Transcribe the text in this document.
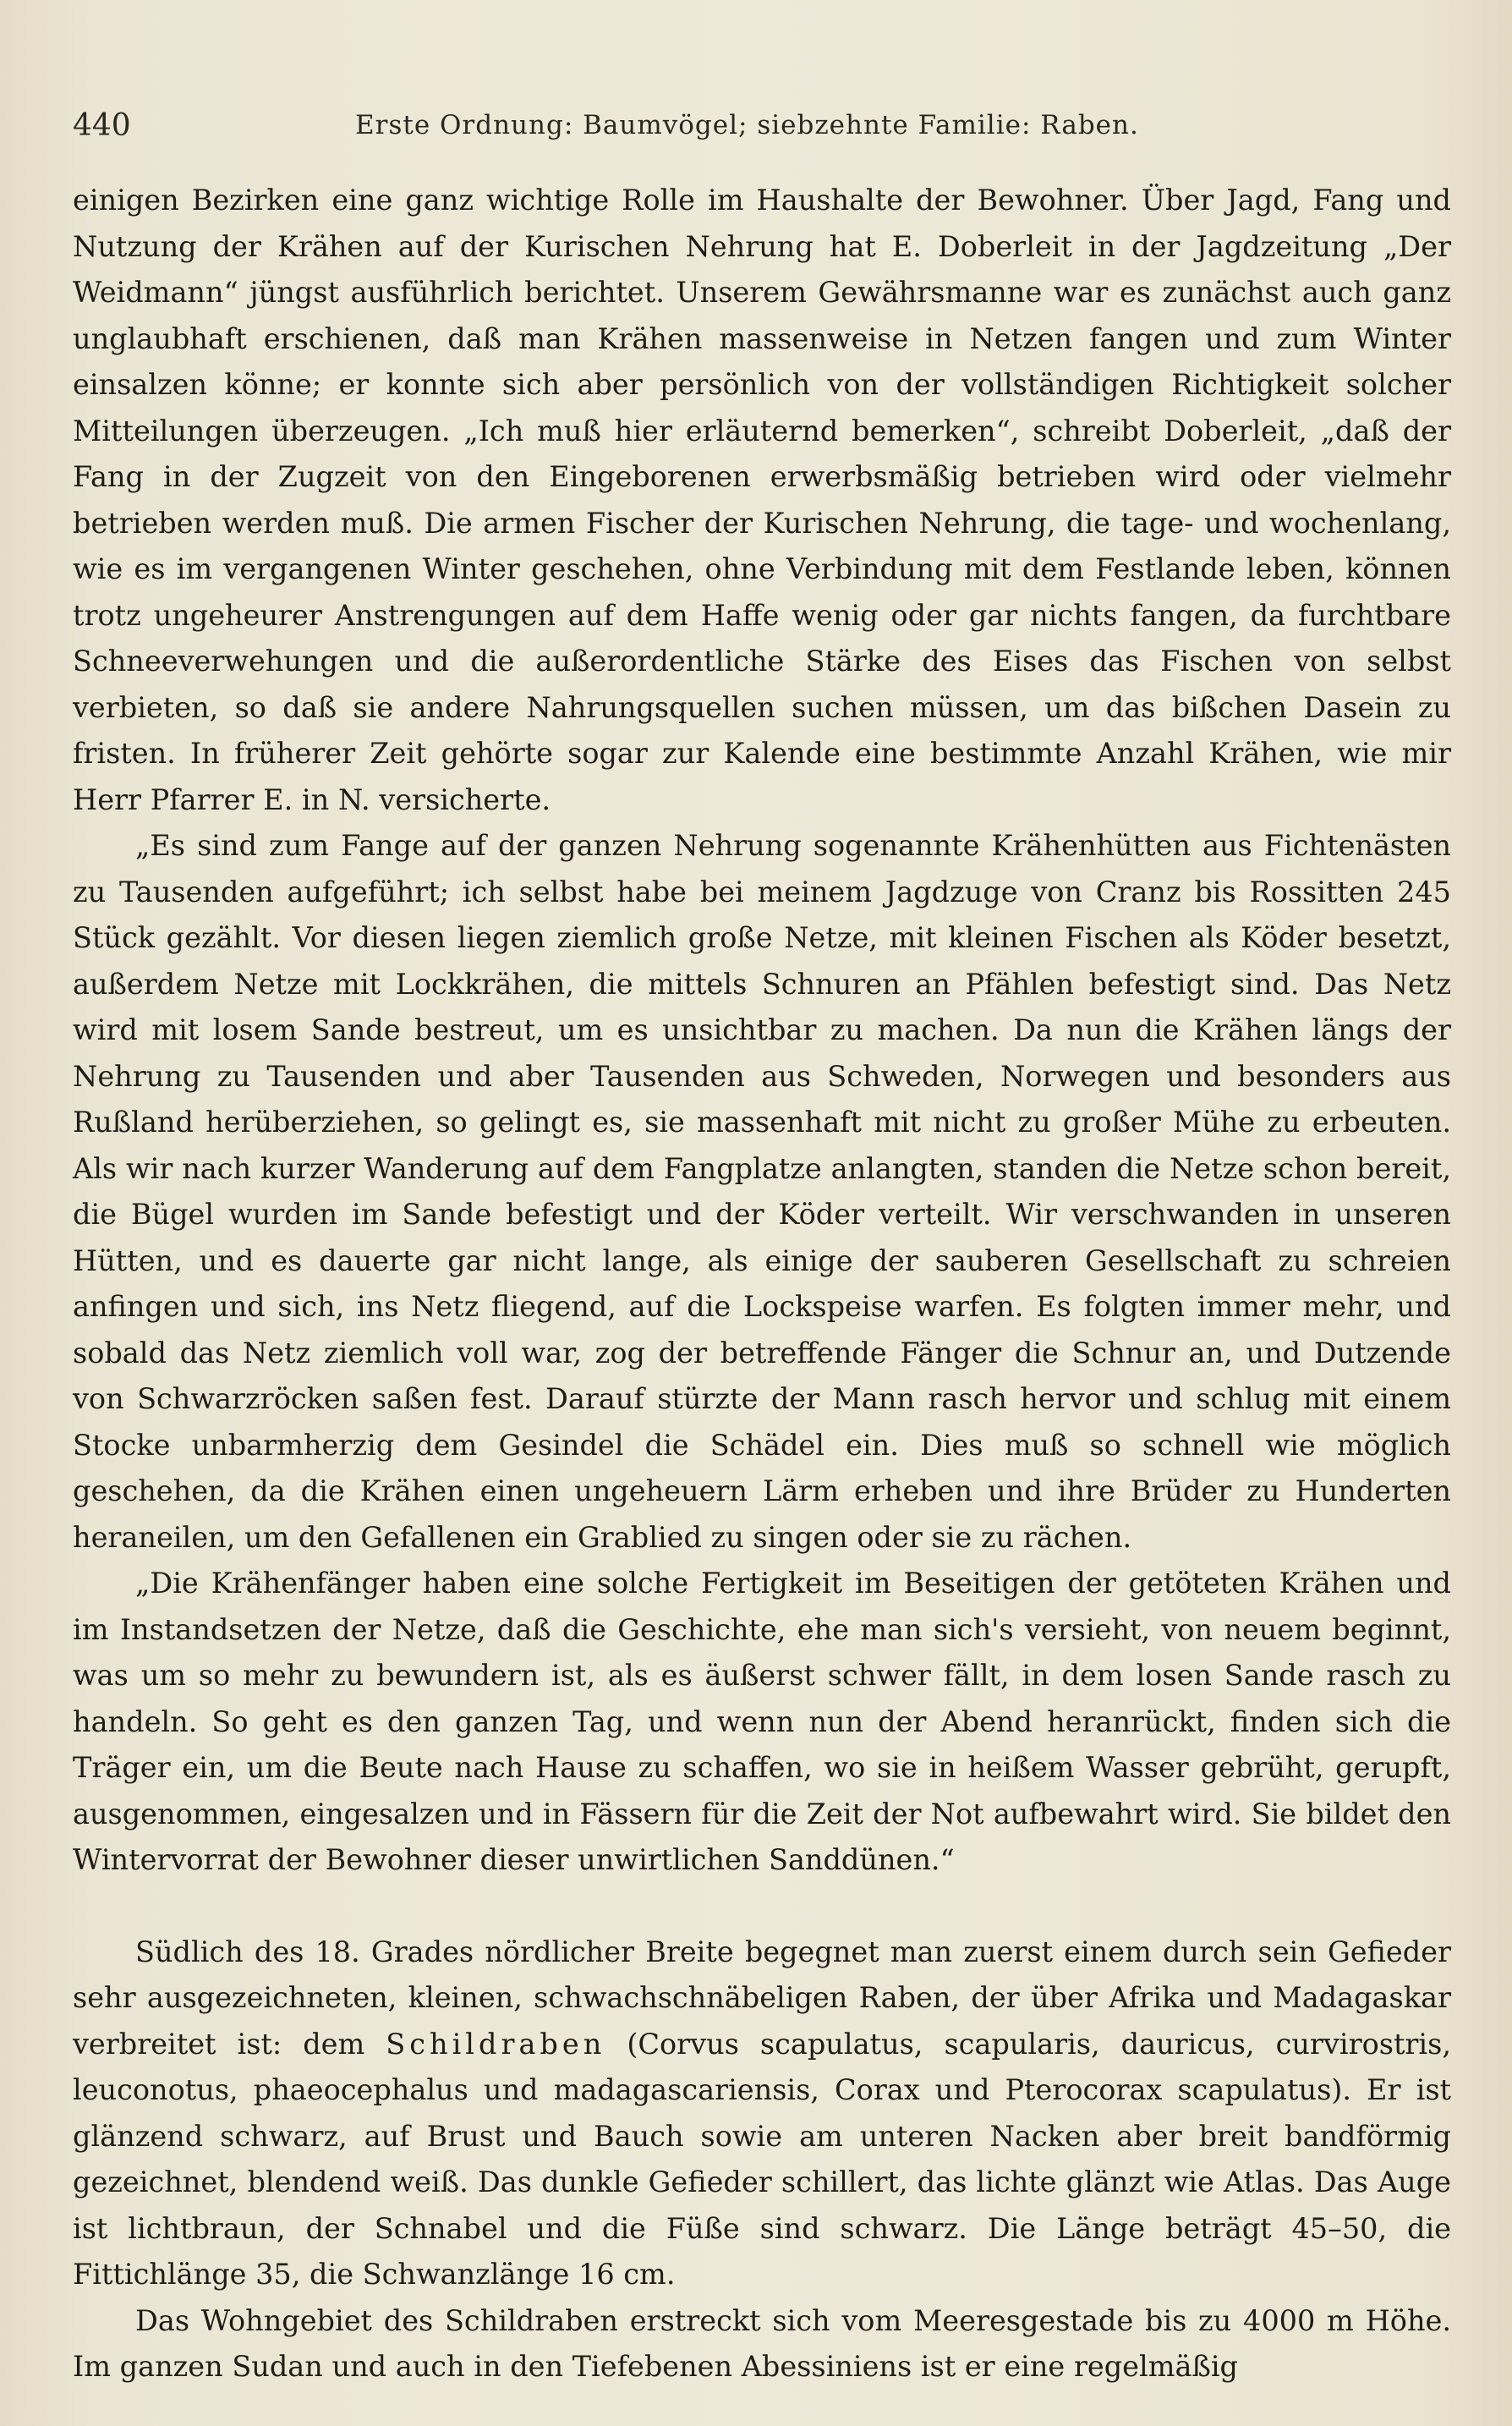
440	Erste Ordnung: Baumvögel; siebzehnte Familie: Raben.

einigen Bezirken eine ganz wichtige Rolle im Haushalte der Bewohner. Über Jagd, Fang und Nutzung der Krähen auf der Kurischen Nehrung hat E. Doberleit in der Jagdzeitung „Der Weidmann“ jüngst ausführlich berichtet. Unserem Gewährsmanne war es zunächst auch ganz unglaubhaft erschienen, daß man Krähen massenweise in Netzen fangen und zum Winter einsalzen könne; er konnte sich aber persönlich von der vollständigen Richtigkeit solcher Mitteilungen überzeugen. „Ich muß hier erläuternd bemerken“, schreibt Doberleit, „daß der Fang in der Zugzeit von den Eingeborenen erwerbsmäßig betrieben wird oder vielmehr betrieben werden muß. Die armen Fischer der Kurischen Nehrung, die tage- und wochenlang, wie es im vergangenen Winter geschehen, ohne Verbindung mit dem Festlande leben, können trotz ungeheurer Anstrengungen auf dem Haffe wenig oder gar nichts fangen, da furchtbare Schneeverwehungen und die außerordentliche Stärke des Eises das Fischen von selbst verbieten, so daß sie andere Nahrungsquellen suchen müssen, um das bißchen Dasein zu fristen. In früherer Zeit gehörte sogar zur Kalende eine bestimmte Anzahl Krähen, wie mir Herr Pfarrer E. in N. versicherte.

„Es sind zum Fange auf der ganzen Nehrung sogenannte Krähenhütten aus Fichtenästen zu Tausenden aufgeführt; ich selbst habe bei meinem Jagdzuge von Cranz bis Rossitten 245 Stück gezählt. Vor diesen liegen ziemlich große Netze, mit kleinen Fischen als Köder besetzt, außerdem Netze mit Lockkrähen, die mittels Schnuren an Pfählen befestigt sind. Das Netz wird mit losem Sande bestreut, um es unsichtbar zu machen. Da nun die Krähen längs der Nehrung zu Tausenden und aber Tausenden aus Schweden, Norwegen und besonders aus Rußland herüberziehen, so gelingt es, sie massenhaft mit nicht zu großer Mühe zu erbeuten. Als wir nach kurzer Wanderung auf dem Fangplatze anlangten, standen die Netze schon bereit, die Bügel wurden im Sande befestigt und der Köder verteilt. Wir verschwanden in unseren Hütten, und es dauerte gar nicht lange, als einige der sauberen Gesellschaft zu schreien anfingen und sich, ins Netz fliegend, auf die Lockspeise warfen. Es folgten immer mehr, und sobald das Netz ziemlich voll war, zog der betreffende Fänger die Schnur an, und Dutzende von Schwarzröcken saßen fest. Darauf stürzte der Mann rasch hervor und schlug mit einem Stocke unbarmherzig dem Gesindel die Schädel ein. Dies muß so schnell wie möglich geschehen, da die Krähen einen ungeheuern Lärm erheben und ihre Brüder zu Hunderten heraneilen, um den Gefallenen ein Grablied zu singen oder sie zu rächen.

„Die Krähenfänger haben eine solche Fertigkeit im Beseitigen der getöteten Krähen und im Instandsetzen der Netze, daß die Geschichte, ehe man sich's versieht, von neuem beginnt, was um so mehr zu bewundern ist, als es äußerst schwer fällt, in dem losen Sande rasch zu handeln. So geht es den ganzen Tag, und wenn nun der Abend heranrückt, finden sich die Träger ein, um die Beute nach Hause zu schaffen, wo sie in heißem Wasser gebrüht, gerupft, ausgenommen, eingesalzen und in Fässern für die Zeit der Not aufbewahrt wird. Sie bildet den Wintervorrat der Bewohner dieser unwirtlichen Sanddünen.“

Südlich des 18. Grades nördlicher Breite begegnet man zuerst einem durch sein Gefieder sehr ausgezeichneten, kleinen, schwachschnäbeligen Raben, der über Afrika und Madagaskar verbreitet ist: dem Schildraben (Corvus scapulatus, scapularis, dauricus, curvirostris, leuconotus, phaeocephalus und madagascariensis, Corax und Pterocorax scapulatus). Er ist glänzend schwarz, auf Brust und Bauch sowie am unteren Nacken aber breit bandförmig gezeichnet, blendend weiß. Das dunkle Gefieder schillert, das lichte glänzt wie Atlas. Das Auge ist lichtbraun, der Schnabel und die Füße sind schwarz. Die Länge beträgt 45–50, die Fittichlänge 35, die Schwanzlänge 16 cm.

Das Wohngebiet des Schildraben erstreckt sich vom Meeresgestade bis zu 4000 m Höhe. Im ganzen Sudan und auch in den Tiefebenen Abessiniens ist er eine regelmäßig
